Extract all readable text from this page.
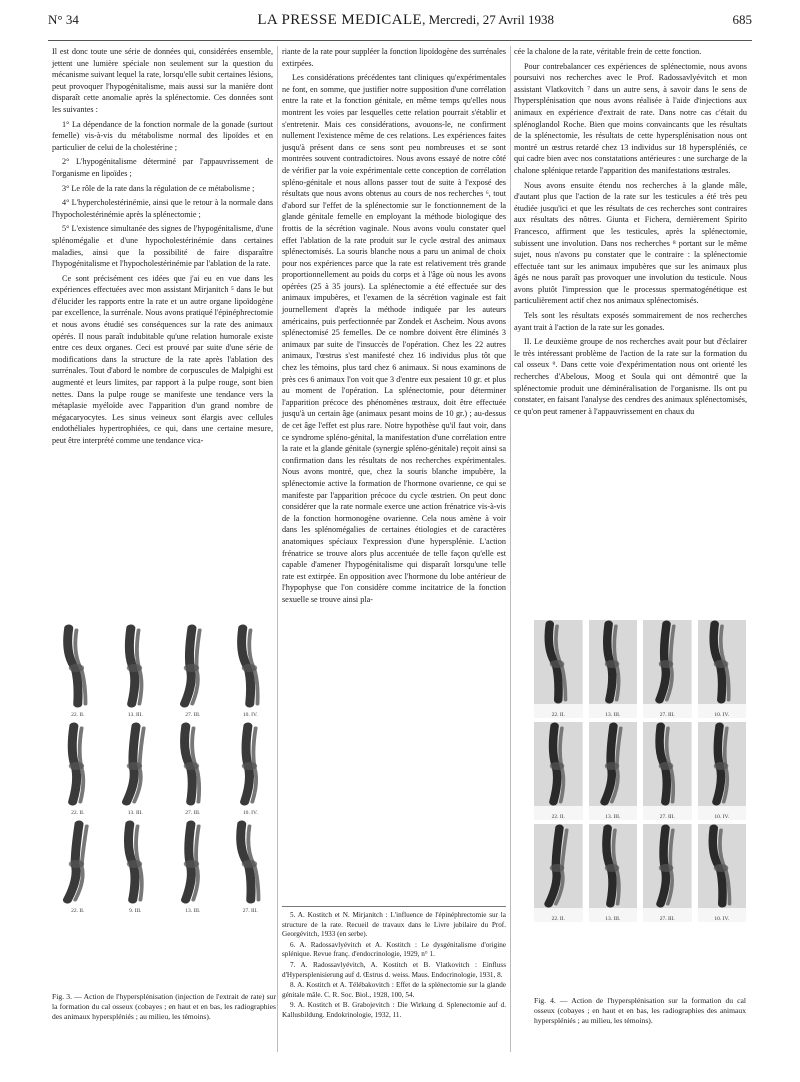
N° 34	LA PRESSE MEDICALE, Mercredi, 27 Avril 1938	685

Il est donc toute une série de données qui, considérées ensemble, jettent une lumière spéciale non seulement sur la question du mécanisme suivant lequel la rate, lorsqu'elle subit certaines lésions, peut provoquer l'hypogénitalisme, mais aussi sur la manière dont disparaît cette anomalie après la splénectomie. Ces données sont les suivantes :

1° La dépendance de la fonction normale de la gonade (surtout femelle) vis-à-vis du métabolisme normal des lipoïdes et en particulier de celui de la cholestérine ;

2° L'hypogénitalisme déterminé par l'appauvrissement de l'organisme en lipoïdes ;

3° Le rôle de la rate dans la régulation de ce métabolisme ;

4° L'hypercholestérinémie, ainsi que le retour à la normale dans l'hypocholestérinémie après la splénectomie ;

5° L'existence simultanée des signes de l'hypogénitalisme, d'une splénomégalie et d'une hypocholestérinémie dans certaines maladies, ainsi que la possibilité de faire disparaître l'hypogénitalisme et l'hypocholestérinémie par l'ablation de la rate.

Ce sont précisément ces idées que j'ai eu en vue dans les expériences effectuées avec mon assistant Mirjanitch ⁵ dans le but d'élucider les rapports entre la rate et un autre organe lipoïdogène par excellence, la surrénale. Nous avons pratiqué l'épinéphrectomie et nous avons étudié ses conséquences sur la rate des animaux opérés. Il nous paraît indubitable qu'une relation humorale existe entre ces deux organes. Ceci est prouvé par suite d'une série de modifications dans la structure de la rate après l'ablation des surrénales. Tout d'abord le nombre de corpuscules de Malpighi est augmenté et leurs limites, par rapport à la pulpe rouge, sont bien nettes. Dans la pulpe rouge se manifeste une tendance vers la métaplasie myéloïde avec l'apparition d'un grand nombre de mégacaryocytes. Les sinus veineux sont élargis avec cellules endothéliales hypertrophiées, ce qui, dans une certaine mesure, peut être interprété comme une tendance vica-

riante de la rate pour suppléer la fonction lipoïdogène des surrénales extirpées.

Les considérations précédentes tant cliniques qu'expérimentales ne font, en somme, que justifier notre supposition d'une corrélation entre la rate et la fonction génitale, en même temps qu'elles nous montrent les voies par lesquelles cette relation pourrait s'établir et s'entretenir. Mais ces considérations, avouons-le, ne confirment nullement l'existence même de ces relations. Les expériences faites jusqu'à présent dans ce sens sont peu nombreuses et se sont montrées souvent contradictoires. Nous avons essayé de notre côté de vérifier par la voie expérimentale cette conception de corrélation spléno-génitale et nous allons passer tout de suite à l'exposé des résultats que nous avons obtenus au cours de nos recherches ⁶, tout d'abord sur l'effet de la splénectomie sur le fonctionnement de la glande génitale femelle en employant la méthode biologique des frottis de la sécrétion vaginale. Nous avons voulu constater quel effet l'ablation de la rate produit sur le cycle œstral des animaux splénectomisés. La souris blanche nous a paru un animal de choix pour nos expériences parce que la rate est relativement très grande proportionnellement au poids du corps et à l'âge où nous les avons opérées (25 à 35 jours). La splénectomie a été effectuée sur des animaux impubères, et l'examen de la sécrétion vaginale est fait journellement d'après la méthode indiquée par les auteurs américains, puis perfectionnée par Zondek et Ascheim. Nous avons splénectomisé 25 femelles. De ce nombre doivent être éliminés 3 animaux par suite de l'insuccès de l'opération. Chez les 22 autres animaux, l'œstrus s'est manifesté chez 16 individus plus tôt que chez les témoins, plus tard chez 6 animaux. Si nous examinons de près ces 6 animaux l'on voit que 3 d'entre eux pesaient 10 gr. et plus au moment de l'opération. La splénectomie, pour déterminer l'apparition précoce des phénomènes œstraux, doit être effectuée jusqu'à un certain âge (animaux pesant moins de 10 gr.) ; au-dessus de cet âge l'effet est plus rare. Notre hypothèse qu'il faut voir, dans ce syndrome spléno-génital, la manifestation d'une corrélation entre la rate et la glande génitale (synergie spléno-génitale) reçoit ainsi sa confirmation dans les résultats de nos recherches expérimentales. Nous avons montré, que, chez la souris blanche impubère, la splénectomie active la formation de l'hormone ovarienne, ce qui se manifeste par l'apparition précoce du cycle œstrien. On peut donc considérer que la rate normale exerce une action frénatrice vis-à-vis de la fonction hormonogène ovarienne. Cela nous amène à voir dans les splénomégalies de certaines étiologies et de caractères anatomiques spéciaux l'expression d'une hypersplénie. L'action frénatrice se trouve alors plus accentuée de telle façon qu'elle est capable d'amener l'hypogénitalisme qui disparaît lorsqu'une telle rate est extirpée. En opposition avec l'hormone du lobe antérieur de l'hypophyse que l'on considère comme incitatrice de la fonction sexuelle se trouve ainsi pla-

cée la chalone de la rate, véritable frein de cette fonction.

Pour contrebalancer ces expériences de splénectomie, nous avons poursuivi nos recherches avec le Prof. Radossavlyévitch et mon assistant Vlatkovitch ⁷ dans un autre sens, à savoir dans le sens de l'hypersplénisation que nous avons réalisée à l'aide d'injections aux animaux en expérience d'extrait de rate. Dans notre cas c'était du splénoglandol Roche. Bien que moins convaincants que les résultats de la splénectomie, les résultats de cette hypersplénisation nous ont montré un œstrus retardé chez 13 individus sur 18 hyperspléniés, ce qui cadre bien avec nos constatations antérieures : une surcharge de la chalone splénique retarde l'apparition des manifestations œstrales.

Nous avons ensuite étendu nos recherches à la glande mâle, d'autant plus que l'action de la rate sur les testicules a été très peu étudiée jusqu'ici et que les résultats de ces recherches sont contraires aux résultats des nôtres. Giunta et Fichera, dernièrement Spirito Francesco, affirment que les testicules, après la splénectomie, subissent une involution. Dans nos recherches ⁸ portant sur le même sujet, nous n'avons pu constater que le contraire : la splénectomie effectuée tant sur les animaux impubères que sur les animaux plus âgés ne nous paraît pas provoquer une involution du testicule. Nous avons plutôt l'impression que le processus spermatogénétique est particulièrement actif chez nos animaux splénectomisés.

Tels sont les résultats exposés sommairement de nos recherches ayant trait à l'action de la rate sur les gonades.

II. Le deuxième groupe de nos recherches avait pour but d'éclairer le très intéressant problème de l'action de la rate sur la formation du cal osseux ⁹. Dans cette voie d'expérimentation nous ont orienté les recherches d'Abelous, Moog et Soula qui ont démontré que la splénectomie produit une déminéralisation de l'organisme. Ils ont pu constater, en faisant l'analyse des cendres des animaux splénectomisés, ce qu'on peut ramener à l'appauvrissement en chaux du

22. II.	13. III.	27. III.	10. IV.
22. II.	13. III.	27. III.	10. IV.
22. II.	9. III.	13. III.	27. III.
Fig. 3. — Action de l'hypersplénisation (injection de l'extrait de rate) sur la formation du cal osseux (cobayes ; en haut et en bas, les radiographies des animaux hyperspléniés ; au milieu, les témoins).
22. II.	13. III.	27. III.	10. IV.
22. II.	13. III.	27. III.	10. IV.
22. II.	13. III.	27. III.	10. IV.
Fig. 4. — Action de l'hypersplénisation sur la formation du cal osseux (cobayes ; en haut et en bas, les radiographies des animaux hyperspléniés ; au milieu, les témoins).
5. A. Kostitch et N. Mirjanitch : L'influence de l'épinéphrectomie sur la structure de la rate. Recueil de travaux dans le Livre jubilaire du Prof. Georgévitch, 1933 (en serbe).
6. A. Radossavlyévitch et A. Kostitch : Le dysgénitalisme d'origine splénique. Revue franç. d'endocrinologie, 1929, n° 1.
7. A. Radossavlyévitch, A. Kostitch et B. Vlatkovitch : Einfluss d'Hypersplenisierung auf d. Œstrus d. weiss. Maus. Endocrinologie, 1931, 8.
8. A. Kostitch et A. Télébakovitch : Effet de la splénectomie sur la glande génitale mâle. C. R. Soc. Biol., 1928, 100, 54.
9. A. Kostitch et B. Grabojevitch : Die Wirkung d. Splenectomie auf d. Kallusbildung. Endokrinologie, 1932, 11.
